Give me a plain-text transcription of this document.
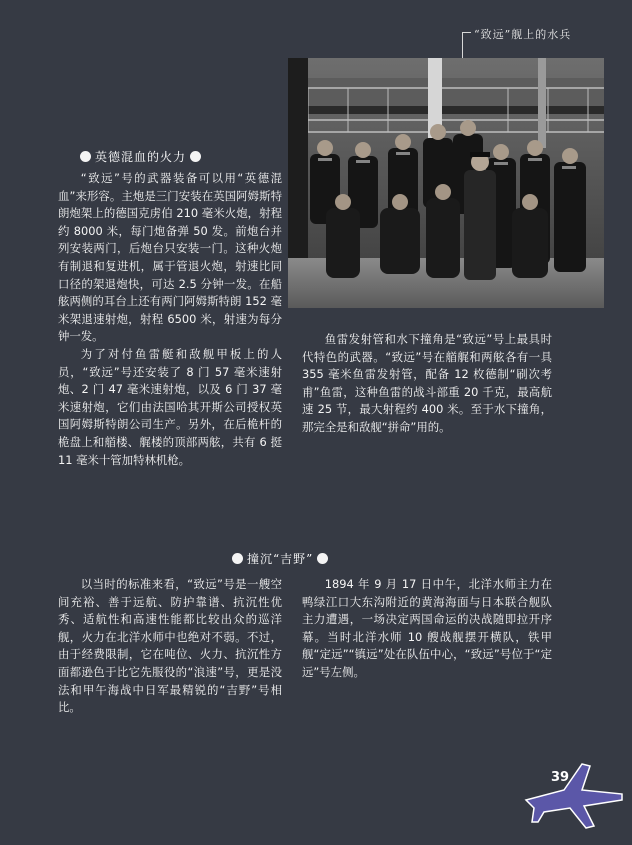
“致远”舰上的水兵
英德混血的火力

“致远”号的武器装备可以用“英德混血”来形容。主炮是三门安装在英国阿姆斯特朗炮架上的德国克虏伯 210 毫米火炮，射程约 8000 米，每门炮备弹 50 发。前炮台并列安装两门，后炮台只安装一门。这种火炮有制退和复进机，属于管退火炮，射速比同口径的架退炮快，可达 2.5 分钟一发。在船舷两侧的耳台上还有两门阿姆斯特朗 152 毫米架退速射炮，射程 6500 米，射速为每分钟一发。

为了对付鱼雷艇和敌舰甲板上的人员，“致远”号还安装了 8 门 57 毫米速射炮、2 门 47 毫米速射炮，以及 6 门 37 毫米速射炮，它们由法国哈其开斯公司授权英国阿姆斯特朗公司生产。另外，在后桅杆的桅盘上和艏楼、艉楼的顶部两舷，共有 6 挺 11 毫米十管加特林机枪。

鱼雷发射管和水下撞角是“致远”号上最具时代特色的武器。“致远”号在艏艉和两舷各有一具 355 毫米鱼雷发射管，配备 12 枚德制“刷次考甫”鱼雷，这种鱼雷的战斗部重 20 千克，最高航速 25 节，最大射程约 400 米。至于水下撞角，那完全是和敌舰“拼命”用的。

撞沉“吉野”

以当时的标准来看，“致远”号是一艘空间充裕、善于远航、防护靠谱、抗沉性优秀、适航性和高速性能都比较出众的巡洋舰，火力在北洋水师中也绝对不弱。不过，由于经费限制，它在吨位、火力、抗沉性方面都逊色于比它先服役的“浪速”号，更是没法和甲午海战中日军最精锐的“吉野”号相比。

1894 年 9 月 17 日中午，北洋水师主力在鸭绿江口大东沟附近的黄海海面与日本联合舰队主力遭遇，一场决定两国命运的决战随即拉开序幕。当时北洋水师 10 艘战舰摆开横队，铁甲舰“定远”“镇远”处在队伍中心，“致远”号位于“定远”号左侧。

39
